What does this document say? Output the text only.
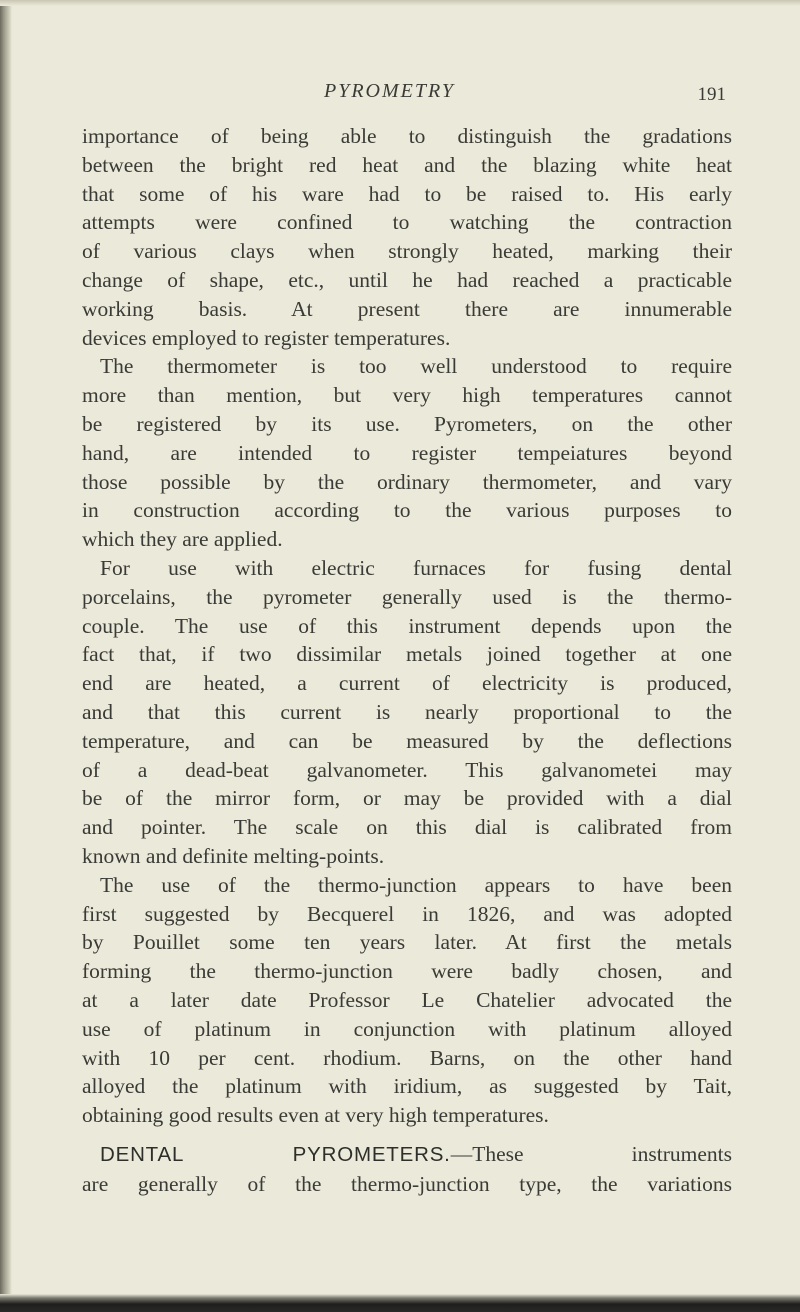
PYROMETRY	191
importance of being able to distinguish the gradations
between the bright red heat and the blazing white heat
that some of his ware had to be raised to. His early
attempts were confined to watching the contraction
of various clays when strongly heated, marking their
change of shape, etc., until he had reached a practicable
working basis. At present there are innumerable
devices employed to register temperatures.
The thermometer is too well understood to require
more than mention, but very high temperatures cannot
be registered by its use. Pyrometers, on the other
hand, are intended to register tempeiatures beyond
those possible by the ordinary thermometer, and vary
in construction according to the various purposes to
which they are applied.
For use with electric furnaces for fusing dental
porcelains, the pyrometer generally used is the thermo-
couple. The use of this instrument depends upon the
fact that, if two dissimilar metals joined together at one
end are heated, a current of electricity is produced,
and that this current is nearly proportional to the
temperature, and can be measured by the deflections
of a dead-beat galvanometer. This galvanometei may
be of the mirror form, or may be provided with a dial
and pointer. The scale on this dial is calibrated from
known and definite melting-points.
The use of the thermo-junction appears to have been
first suggested by Becquerel in 1826, and was adopted
by Pouillet some ten years later. At first the metals
forming the thermo-junction were badly chosen, and
at a later date Professor Le Chatelier advocated the
use of platinum in conjunction with platinum alloyed
with 10 per cent. rhodium. Barns, on the other hand
alloyed the platinum with iridium, as suggested by Tait,
obtaining good results even at very high temperatures.
DENTAL PYROMETERS.—These instruments
are generally of the thermo-junction type, the variations
